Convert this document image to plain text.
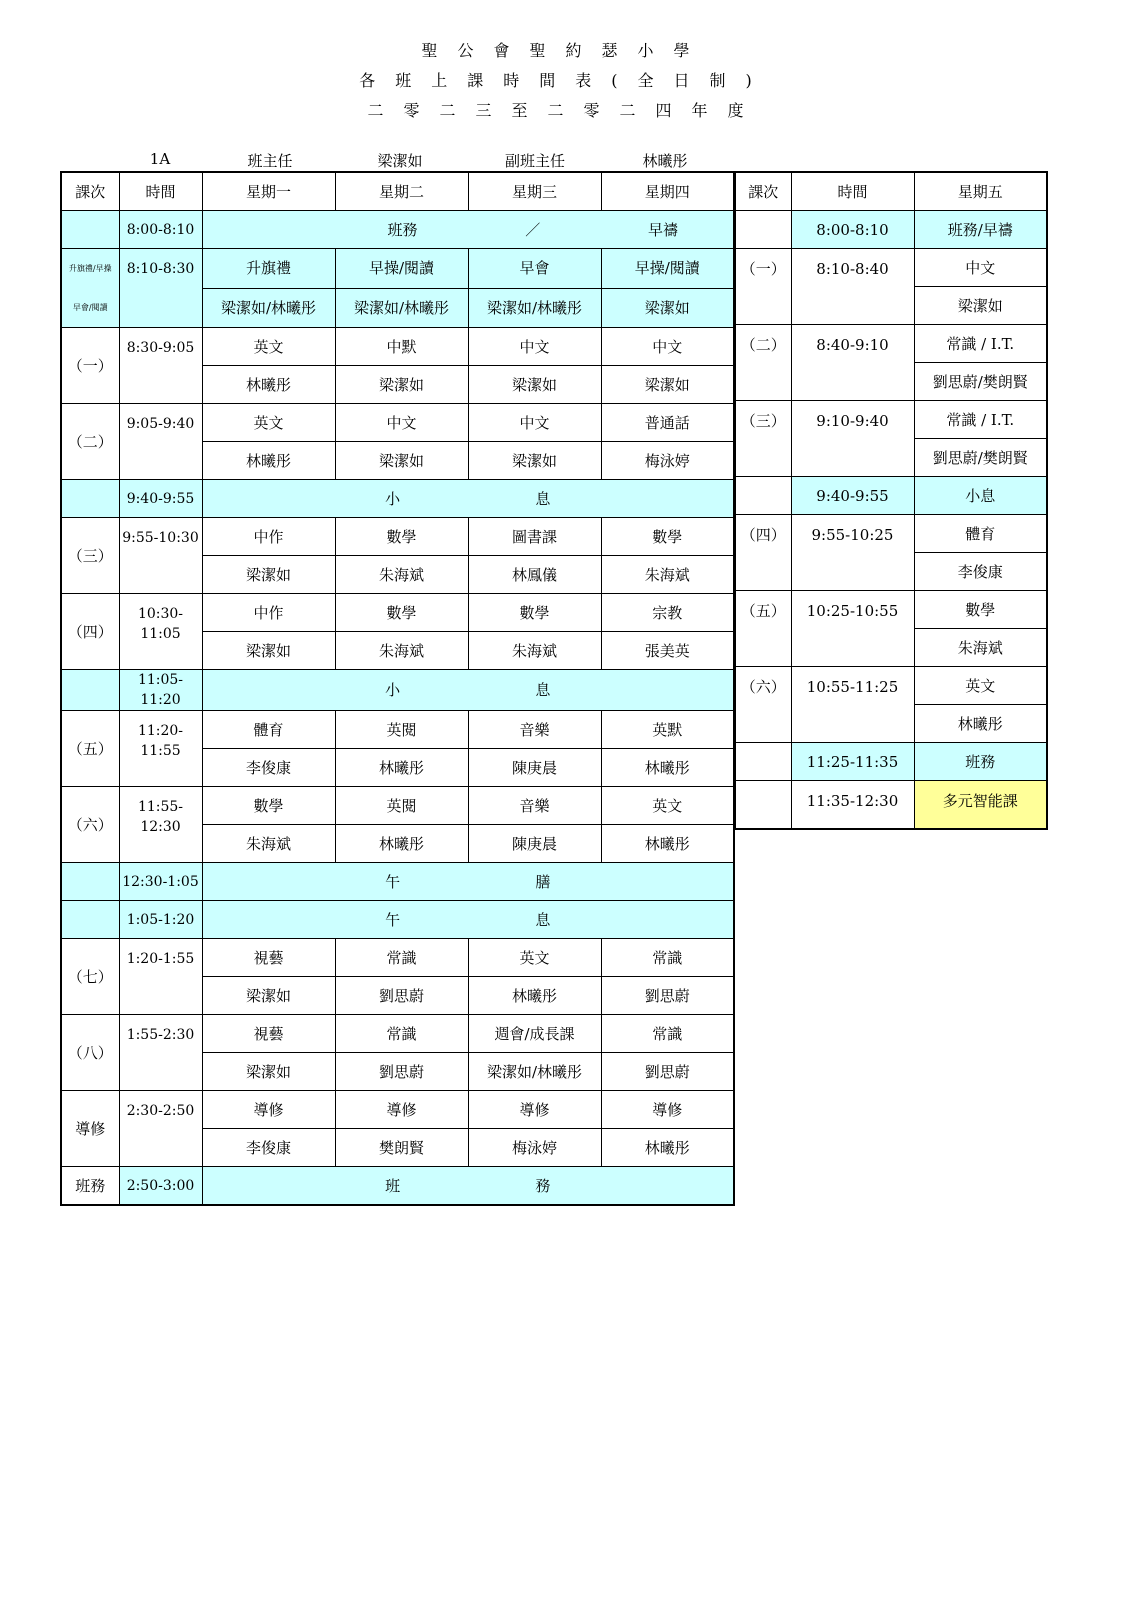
聖公會聖約瑟小學
各班上課時間表(全日制)
二零二三至二零二四年度
1A	班主任	梁潔如	副班主任	林曦彤
課次	時間	星期一	星期二	星期三	星期四
	8:00-8:10	班務 ／ 早禱			

升旗禮/早操
早會/閱讀	8:10-8:30	升旗禮	早操/閱讀	早會	早操/閱讀
		梁潔如/林曦彤	梁潔如/林曦彤	梁潔如/林曦彤	梁潔如
（一）	8:30-9:05	英文	中默	中文	中文
		林曦彤	梁潔如	梁潔如	梁潔如
（二）	9:05-9:40	英文	中文	中文	普通話
		林曦彤	梁潔如	梁潔如	梅泳婷
	9:40-9:55	小 息			

（三）	9:55-10:30	中作	數學	圖書課	數學
		梁潔如	朱海斌	林鳳儀	朱海斌
（四）	10:30-11:05	中作	數學	數學	宗教
		梁潔如	朱海斌	朱海斌	張美英
	11:05-11:20	小 息			

（五）	11:20-11:55	體育	英閱	音樂	英默
		李俊康	林曦彤	陳庚晨	林曦彤
（六）	11:55-12:30	數學	英閱	音樂	英文
		朱海斌	林曦彤	陳庚晨	林曦彤
	12:30-1:05	午 膳			

	1:05-1:20	午 息			

（七）	1:20-1:55	視藝	常識	英文	常識
		梁潔如	劉思蔚	林曦彤	劉思蔚
（八）	1:55-2:30	視藝	常識	週會/成長課	常識
		梁潔如	劉思蔚	梁潔如/林曦彤	劉思蔚
導修	2:30-2:50	導修	導修	導修	導修
		李俊康	樊朗賢	梅泳婷	林曦彤
班務	2:50-3:00	班 務			
課次	時間	星期五
	8:00-8:10	班務/早禱
（一）	8:10-8:40	中文
		梁潔如
（二）	8:40-9:10	常識 / I.T.
		劉思蔚/樊朗賢
（三）	9:10-9:40	常識 / I.T.
		劉思蔚/樊朗賢
	9:40-9:55	小息
（四）	9:55-10:25	體育
		李俊康
（五）	10:25-10:55	數學
		朱海斌
（六）	10:55-11:25	英文
		林曦彤
	11:25-11:35	班務
	11:35-12:30	多元智能課
